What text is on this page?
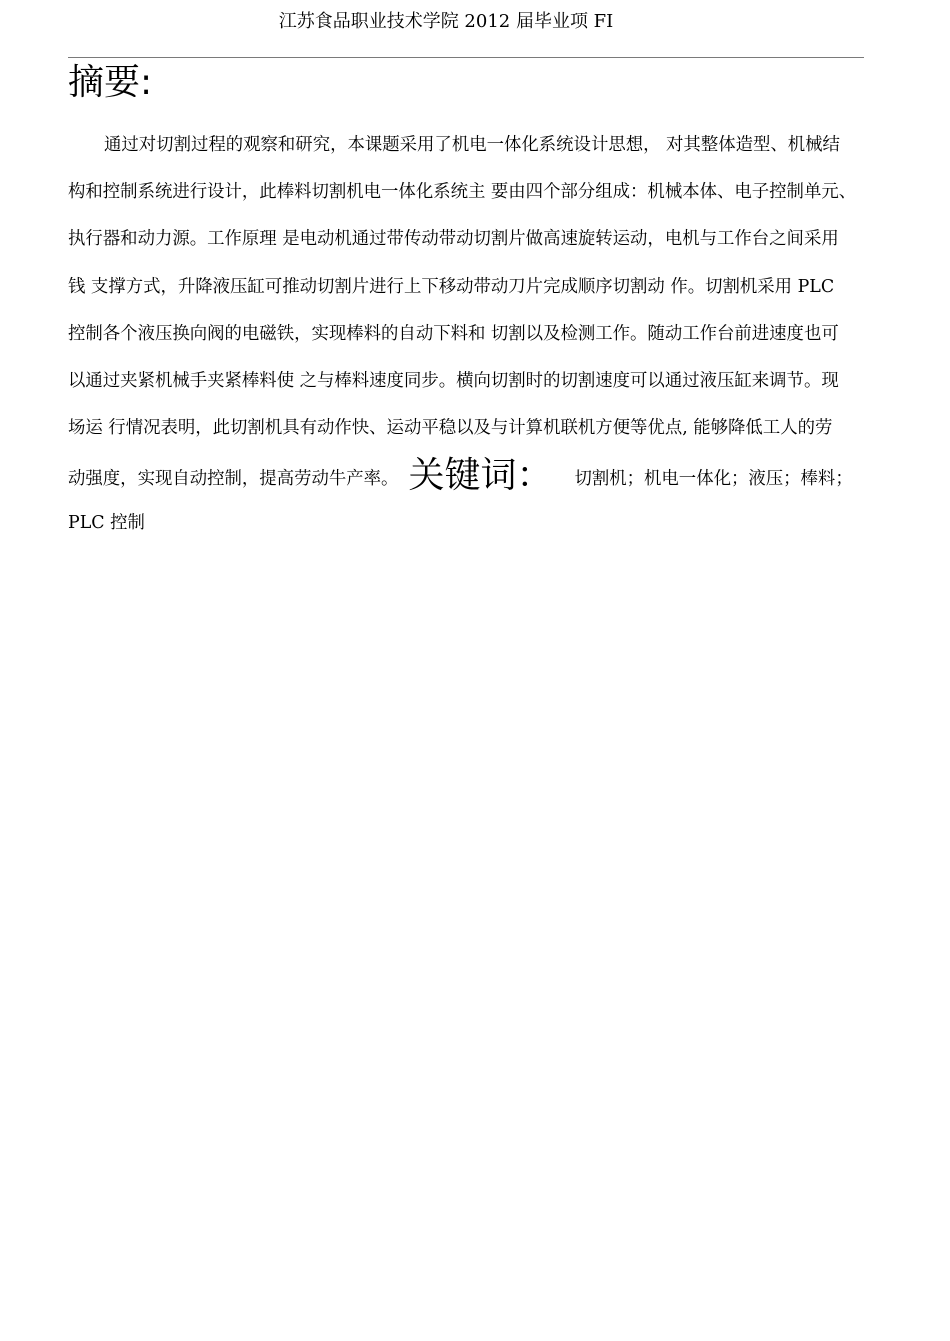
江苏食品职业技术学院 2012 届毕业项 FI
摘要:
通过对切割过程的观察和研究，本课题采用了机电一体化系统设计思想， 对其整体造型、机械结
构和控制系统进行设计，此棒料切割机电一体化系统主 要由四个部分组成：机械本体、电子控制单元、
执行器和动力源。工作原理 是电动机通过带传动带动切割片做高速旋转运动，电机与工作台之间采用
钱 支撑方式，升降液压缸可推动切割片进行上下移动带动刀片完成顺序切割动 作。切割机采用 PLC
控制各个液压换向阀的电磁铁，实现棒料的自动下料和 切割以及检测工作。随动工作台前进速度也可
以通过夹紧机械手夹紧棒料使 之与棒料速度同步。横向切割时的切割速度可以通过液压缸来调节。现
场运 行情况表明，此切割机具有动作快、运动平稳以及与计算机联机方便等优点, 能够降低工人的劳
动强度，实现自动控制，提高劳动牛产率。 关键词： 切割机；机电一体化；液压；棒料；
PLC 控制
